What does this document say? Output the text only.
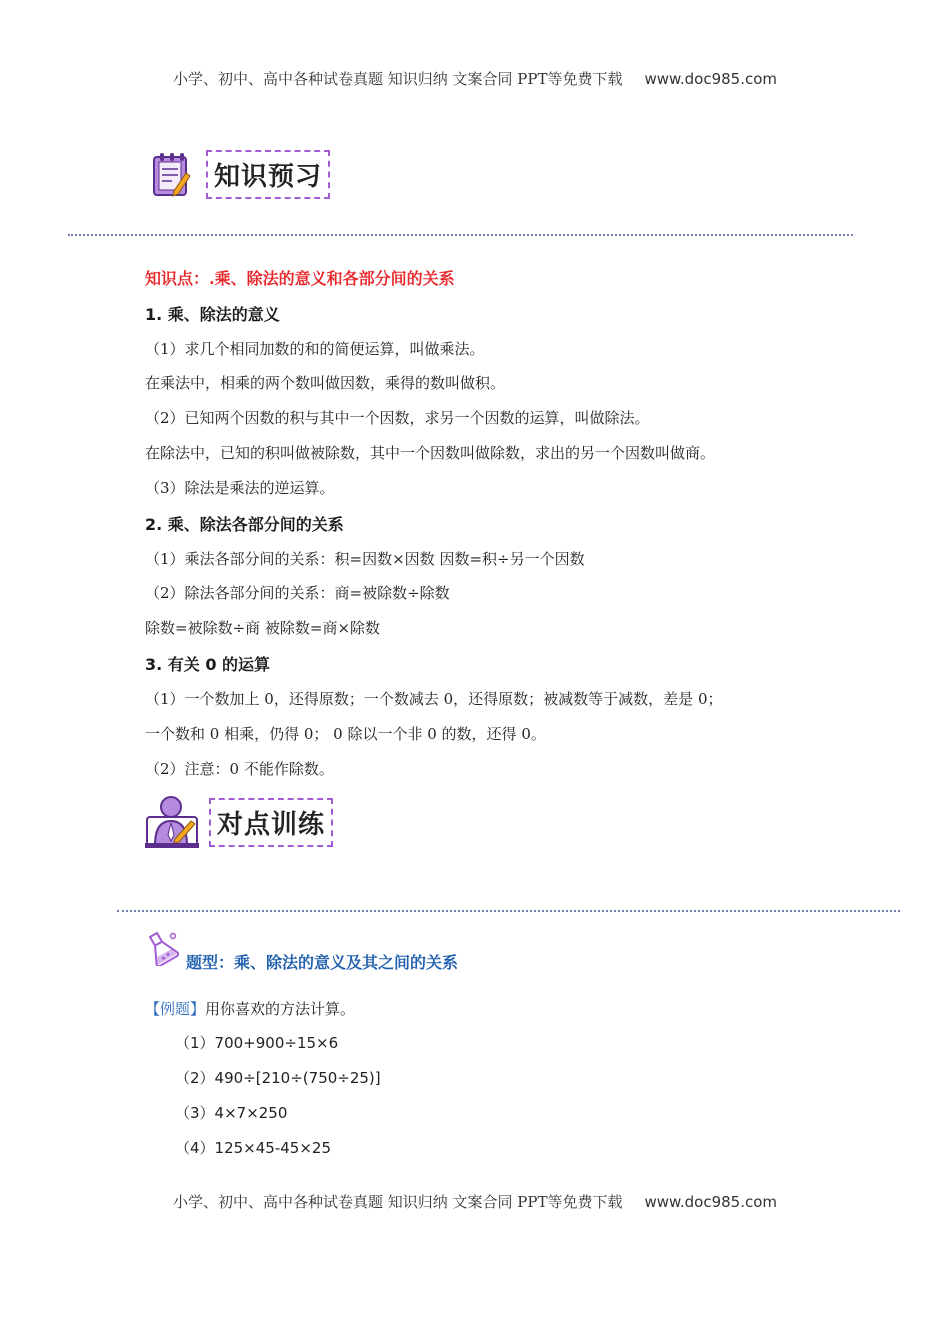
小学、初中、高中各种试卷真题 知识归纳 文案合同 PPT等免费下载 www.doc985.com
知识预习
知识点：.乘、除法的意义和各部分间的关系
1. 乘、除法的意义
（1）求几个相同加数的和的简便运算，叫做乘法。
在乘法中，相乘的两个数叫做因数，乘得的数叫做积。
（2）已知两个因数的积与其中一个因数，求另一个因数的运算，叫做除法。
在除法中，已知的积叫做被除数，其中一个因数叫做除数，求出的另一个因数叫做商。
（3）除法是乘法的逆运算。
2. 乘、除法各部分间的关系
（1）乘法各部分间的关系：积=因数×因数 因数=积÷另一个因数
（2）除法各部分间的关系：商=被除数÷除数
除数=被除数÷商 被除数=商×除数
3. 有关 0 的运算
（1）一个数加上 0，还得原数；一个数减去 0，还得原数；被减数等于减数，差是 0；
一个数和 0 相乘，仍得 0； 0 除以一个非 0 的数，还得 0。
（2）注意：0 不能作除数。
对点训练
题型：乘、除法的意义及其之间的关系
【例题】用你喜欢的方法计算。
（1）700+900÷15×6
（2）490÷[210÷(750÷25)]
（3）4×7×250
（4）125×45-45×25
小学、初中、高中各种试卷真题 知识归纳 文案合同 PPT等免费下载 www.doc985.com
